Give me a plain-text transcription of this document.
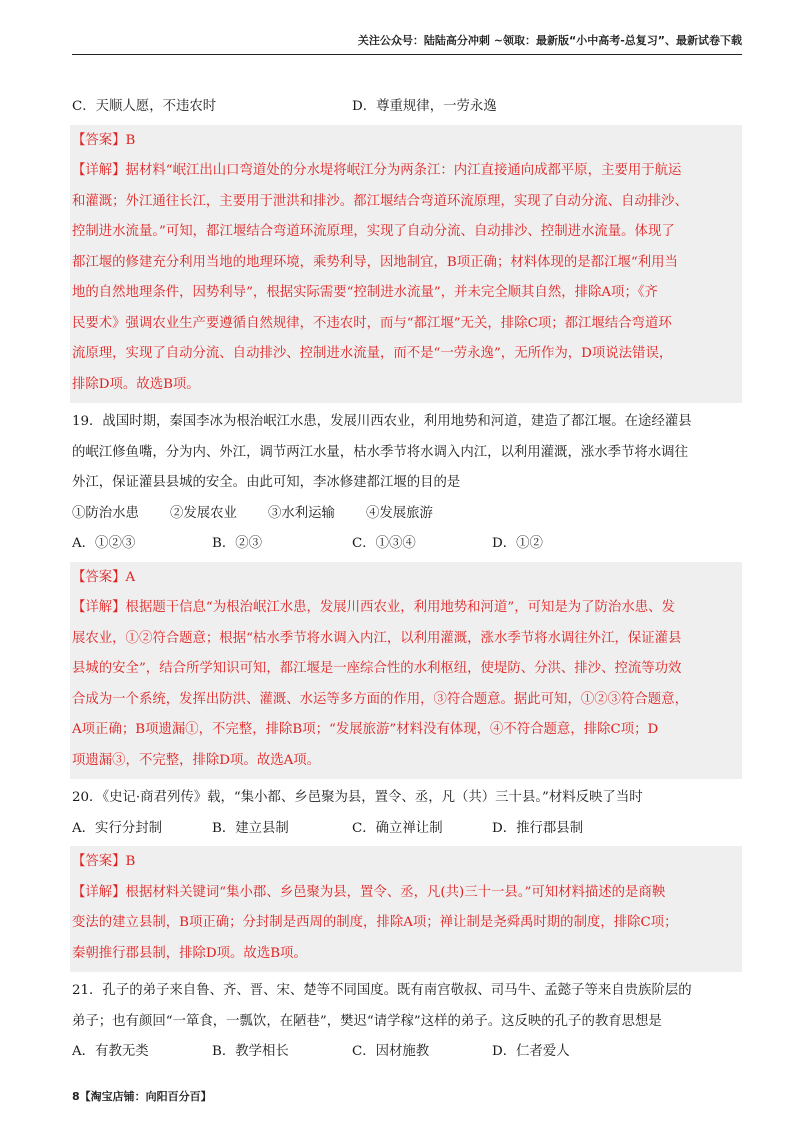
关注公众号：陆陆高分冲刺 ~领取：最新版“小中高考-总复习”、最新试卷下载
C．天顺人愿，不违农时	D．尊重规律，一劳永逸
【答案】B
【详解】据材料“岷江出山口弯道处的分水堤将岷江分为两条江：内江直接通向成都平原，主要用于航运
和灌溉；外江通往长江，主要用于泄洪和排沙。都江堰结合弯道环流原理，实现了自动分流、自动排沙、
控制进水流量。”可知，都江堰结合弯道环流原理，实现了自动分流、自动排沙、控制进水流量。体现了
都江堰的修建充分利用当地的地理环境，乘势利导，因地制宜，B项正确；材料体现的是都江堰“利用当
地的自然地理条件，因势利导”，根据实际需要“控制进水流量”，并未完全顺其自然，排除A项；《齐
民要术》强调农业生产要遵循自然规律，不违农时，而与“都江堰”无关，排除C项；都江堰结合弯道环
流原理，实现了自动分流、自动排沙、控制进水流量，而不是“一劳永逸”，无所作为，D项说法错误，
排除D项。故选B项。
19．战国时期，秦国李冰为根治岷江水患，发展川西农业，利用地势和河道，建造了都江堰。在途经灌县
的岷江修鱼嘴，分为内、外江，调节两江水量，枯水季节将水调入内江，以利用灌溉，涨水季节将水调往
外江，保证灌县县城的安全。由此可知，李冰修建都江堰的目的是
①防治水患	②发展农业	③水利运输	④发展旅游
A．①②③	B．②③	C．①③④	D．①②
【答案】A
【详解】根据题干信息“为根治岷江水患，发展川西农业，利用地势和河道”，可知是为了防治水患、发
展农业，①②符合题意；根据“枯水季节将水调入内江，以利用灌溉，涨水季节将水调往外江，保证灌县
县城的安全”，结合所学知识可知，都江堰是一座综合性的水利枢纽，使堤防、分洪、排沙、控流等功效
合成为一个系统，发挥出防洪、灌溉、水运等多方面的作用，③符合题意。据此可知，①②③符合题意，
A项正确；B项遗漏①，不完整，排除B项；“发展旅游”材料没有体现，④不符合题意，排除C项；D
项遗漏③，不完整，排除D项。故选A项。
20．《史记·商君列传》载，“集小都、乡邑聚为县，置令、丞，凡（共）三十县。”材料反映了当时
A．实行分封制	B．建立县制	C．确立禅让制	D．推行郡县制
【答案】B
【详解】根据材料关键词“集小郡、乡邑聚为县，置令、丞，凡(共)三十一县。”可知材料描述的是商鞅
变法的建立县制，B项正确；分封制是西周的制度，排除A项；禅让制是尧舜禹时期的制度，排除C项；
秦朝推行郡县制，排除D项。故选B项。
21．孔子的弟子来自鲁、齐、晋、宋、楚等不同国度。既有南宫敬叔、司马牛、孟懿子等来自贵族阶层的
弟子；也有颜回“一箪食，一瓢饮，在陋巷”，樊迟“请学稼”这样的弟子。这反映的孔子的教育思想是
A．有教无类	B．教学相长	C．因材施教	D．仁者爱人
8【淘宝店铺：向阳百分百】
